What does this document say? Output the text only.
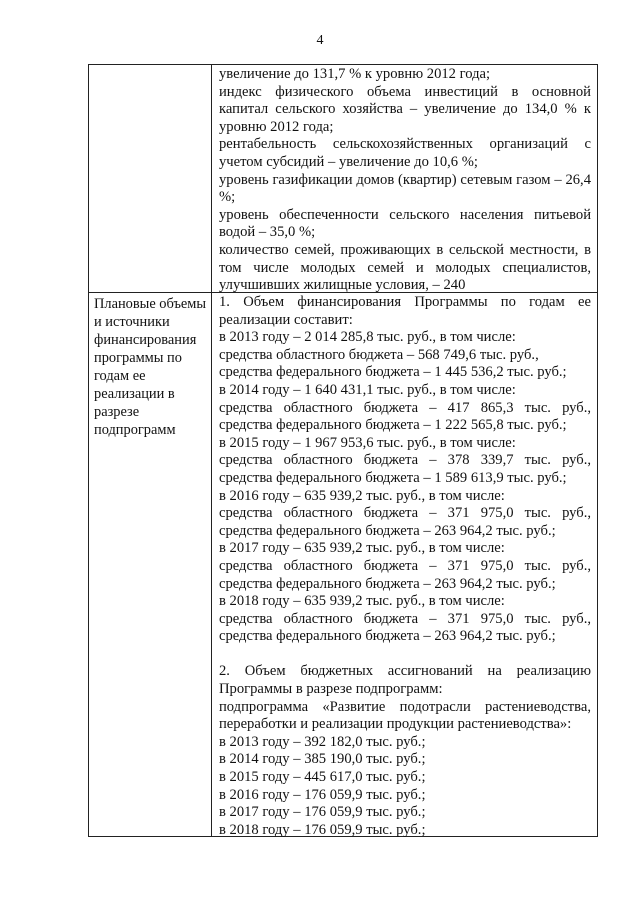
4

увеличение до 131,7 % к уровню 2012 года;

индекс физического объема инвестиций в основной капитал сельского хозяйства – увеличение до 134,0 % к уровню 2012 года;

рентабельность сельскохозяйственных организаций с учетом субсидий – увеличение до 10,6 %;

уровень газификации домов (квартир) сетевым газом – 26,4 %;

уровень обеспеченности сельского населения питьевой водой – 35,0 %;

количество семей, проживающих в сельской местности, в том числе молодых семей и молодых специалистов, улучшивших жилищные условия, – 240

Плановые объемы и источники финансирования программы по годам ее реализации в разрезе подпрограмм

1. Объем финансирования Программы по годам ее реализации составит:

в 2013 году – 2 014 285,8 тыс. руб., в том числе:

средства областного бюджета – 568 749,6 тыс. руб.,

средства федерального бюджета – 1 445 536,2 тыс. руб.;

в 2014 году – 1 640 431,1 тыс. руб., в том числе:

средства областного бюджета – 417 865,3 тыс. руб.,

средства федерального бюджета – 1 222 565,8 тыс. руб.;

в 2015 году – 1 967 953,6 тыс. руб., в том числе:

средства областного бюджета – 378 339,7 тыс. руб.,

средства федерального бюджета – 1 589 613,9 тыс. руб.;

в 2016 году – 635 939,2 тыс. руб., в том числе:

средства областного бюджета – 371 975,0 тыс. руб.,

средства федерального бюджета – 263 964,2 тыс. руб.;

в 2017 году – 635 939,2 тыс. руб., в том числе:

средства областного бюджета – 371 975,0 тыс. руб.,

средства федерального бюджета – 263 964,2 тыс. руб.;

в 2018 году – 635 939,2 тыс. руб., в том числе:

средства областного бюджета – 371 975,0 тыс. руб.,

средства федерального бюджета – 263 964,2 тыс. руб.;

2. Объем бюджетных ассигнований на реализацию Программы в разрезе подпрограмм:

подпрограмма «Развитие подотрасли растениеводства, переработки и реализации продукции растениеводства»:

в 2013 году – 392 182,0 тыс. руб.;

в 2014 году – 385 190,0 тыс. руб.;

в 2015 году – 445 617,0 тыс. руб.;

в 2016 году – 176 059,9 тыс. руб.;

в 2017 году – 176 059,9 тыс. руб.;

в 2018 году – 176 059,9 тыс. руб.;
